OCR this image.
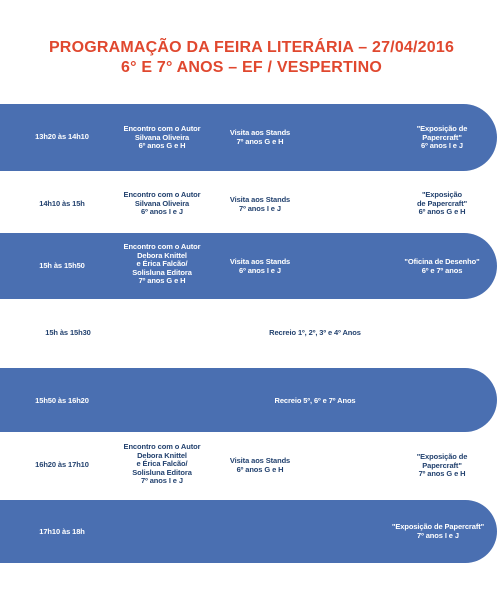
PROGRAMAÇÃO DA FEIRA LITERÁRIA – 27/04/2016
6° E 7° ANOS – EF / VESPERTINO
13h20 às 14h10
Encontro com o Autor
Silvana Oliveira
6º anos G e H
Visita aos Stands
7º anos G e H
"Exposição de
Papercraft"
6º anos I e J
14h10 às 15h
Encontro com o Autor
Silvana Oliveira
6º anos I e J
Visita aos Stands
7º anos I e J
"Exposição
de Papercraft"
6º anos G e H
15h às 15h50
Encontro com o Autor
Debora Knittel
e Érica Falcão/
Solisluna Editora
7º anos G e H
Visita aos Stands
6º anos I e J
"Oficina de Desenho"
6º e 7º anos
15h às 15h30	Recreio 1º, 2º, 3º e 4º Anos
15h50 às 16h20	Recreio 5º, 6º e 7º Anos
16h20 às 17h10
Encontro com o Autor
Debora Knittel
e Érica Falcão/
Solisluna Editora
7º anos I e J
Visita aos Stands
6º anos G e H
"Exposição de
Papercraft"
7º anos G e H
17h10 às 18h
"Exposição de Papercraft"
7º anos I e J
